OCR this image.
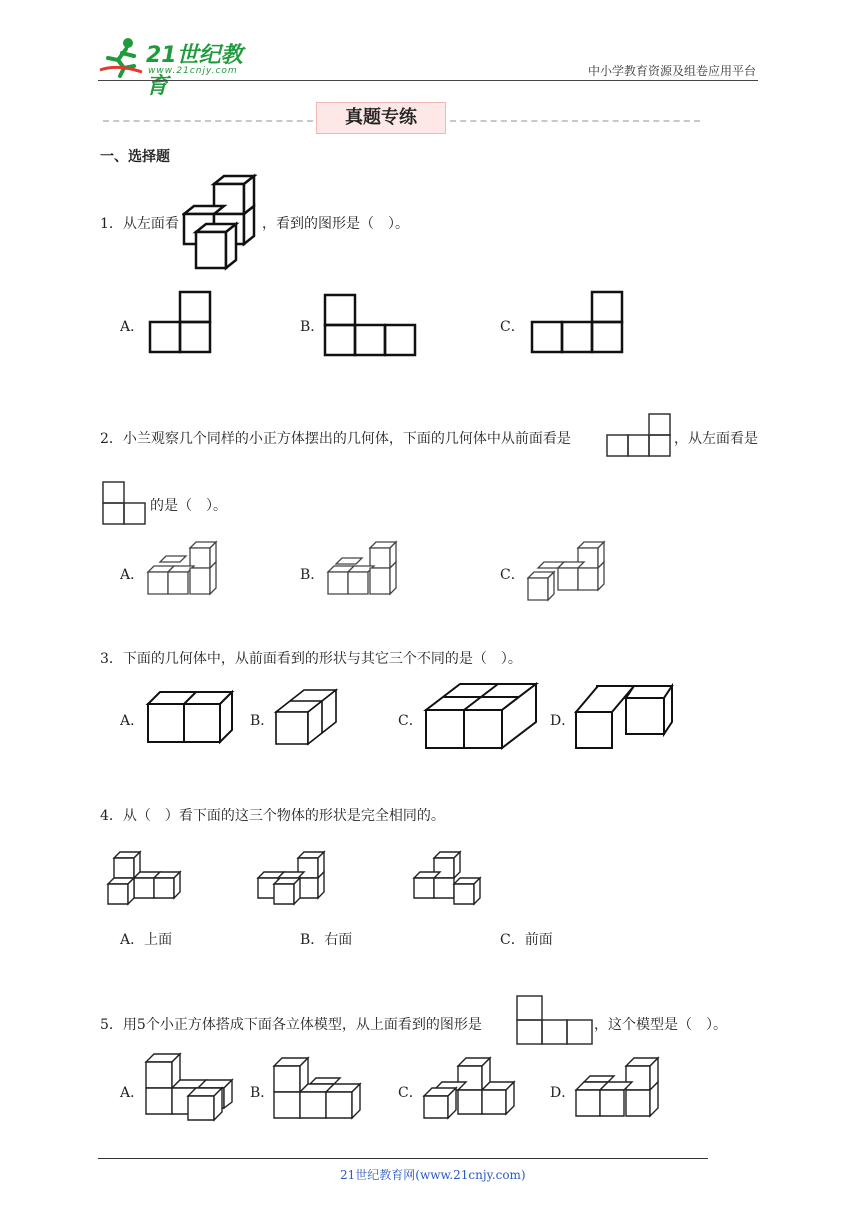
21世纪教育
www.21cnjy.com	中小学教育资源及组卷应用平台
真题专练
一、选择题
1．从左面看	，看到的图形是（　）。
A．	B．	C．
2．小兰观察几个同样的小正方体摆出的几何体，下面的几何体中从前面看是	，从左面看是
的是（　）。
A．	B．	C．
3．下面的几何体中，从前面看到的形状与其它三个不同的是（　）。
A．	B．	C．	D．
4．从（　）看下面的这三个物体的形状是完全相同的。
A．上面	B．右面	C．前面
5．用5个小正方体搭成下面各立体模型，从上面看到的图形是	，这个模型是（　）。
A．	B．	C．	D．
21世纪教育网(www.21cnjy.com)
